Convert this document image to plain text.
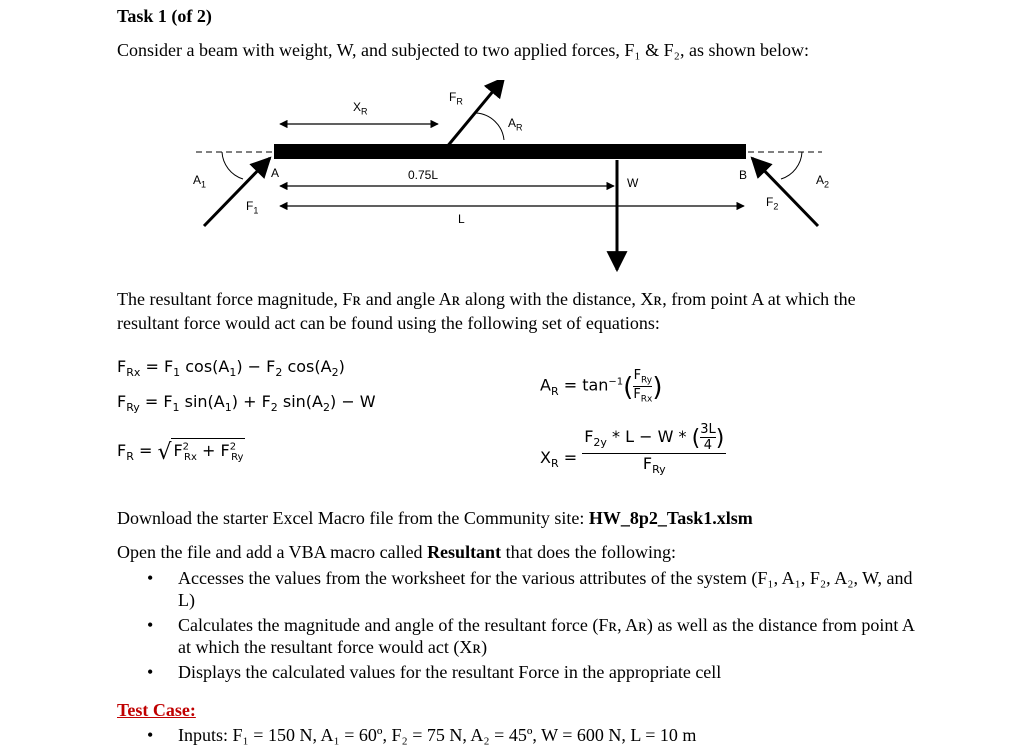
Task 1 (of 2)
Consider a beam with weight, W, and subjected to two applied forces, F₁ & F₂, as shown below:
$X_R$
$F_R$
$A_R$
$A_1$
$F_1$
A	0.75L
W
B	$A_2$
$F_2$
L
The resultant force magnitude, Fʀ and angle Aʀ along with the distance, Xʀ, from point A at which the resultant force would act can be found using the following set of equations:
$F_{Rx} = F_1$ $\cos(A_1) - F_2$ $\cos(A_2)$
$F_{Ry} = F_1$ $\sin(A_1) + F_2$ $\sin(A_2) - W$
$F_R$ = √ $F^2_{Rx} + F^2_{Ry}$
$A_R = \tan^{-1}$( $F_{Ry}$
$F_{Rx}$ )
$X_R$ =
$F_{2y} * L - W$ * ( $\frac{3L}{4}$ )
$F_{Ry}$
Download the starter Excel Macro file from the Community site: HW_8p2_Task1.xlsm
Open the file and add a VBA macro called Resultant that does the following:
• Accesses the values from the worksheet for the various attributes of the system (F₁, A₁, F₂, A₂, W, and L)
• Calculates the magnitude and angle of the resultant force (Fʀ, Aʀ) as well as the distance from point A at which the resultant force would act (Xʀ)
• Displays the calculated values for the resultant Force in the appropriate cell
Test Case:
• Inputs: F₁ = 150 N, A₁ = 60º, F₂ = 75 N, A₂ = 45º, W = 600 N, L = 10 m
